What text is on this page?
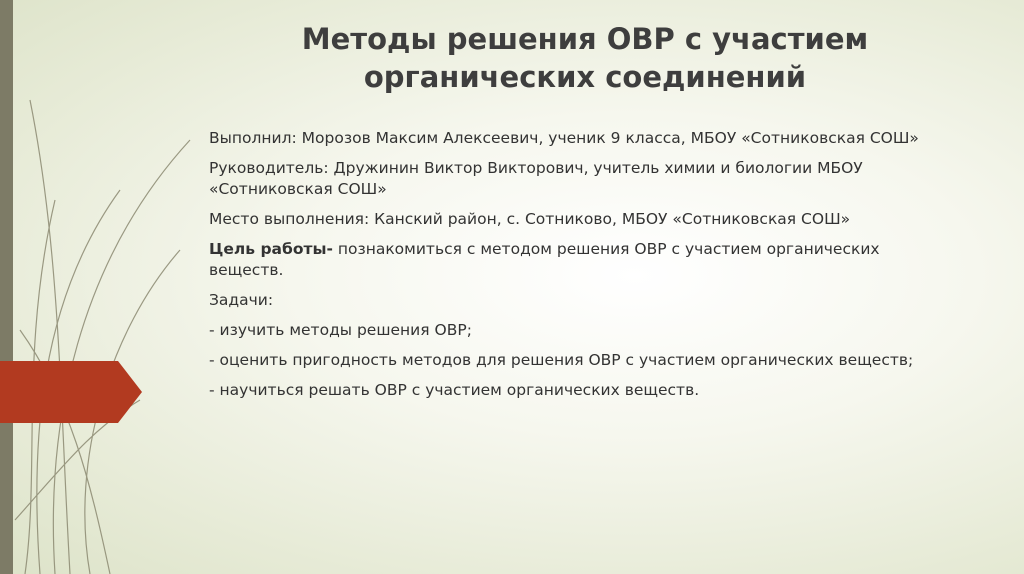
Методы решения ОВР с участием
органических соединений

Выполнил: Морозов Максим Алексеевич, ученик 9 класса, МБОУ «Сотниковская СОШ»

Руководитель: Дружинин Виктор Викторович, учитель химии и биологии МБОУ «Сотниковская СОШ»

Место выполнения: Канский район, с. Сотниково, МБОУ «Сотниковская СОШ»

Цель работы- познакомиться с методом решения ОВР с участием органических веществ.

Задачи:

- изучить методы решения ОВР;

- оценить пригодность методов для решения ОВР с участием органических веществ;

- научиться решать ОВР с участием органических веществ.
